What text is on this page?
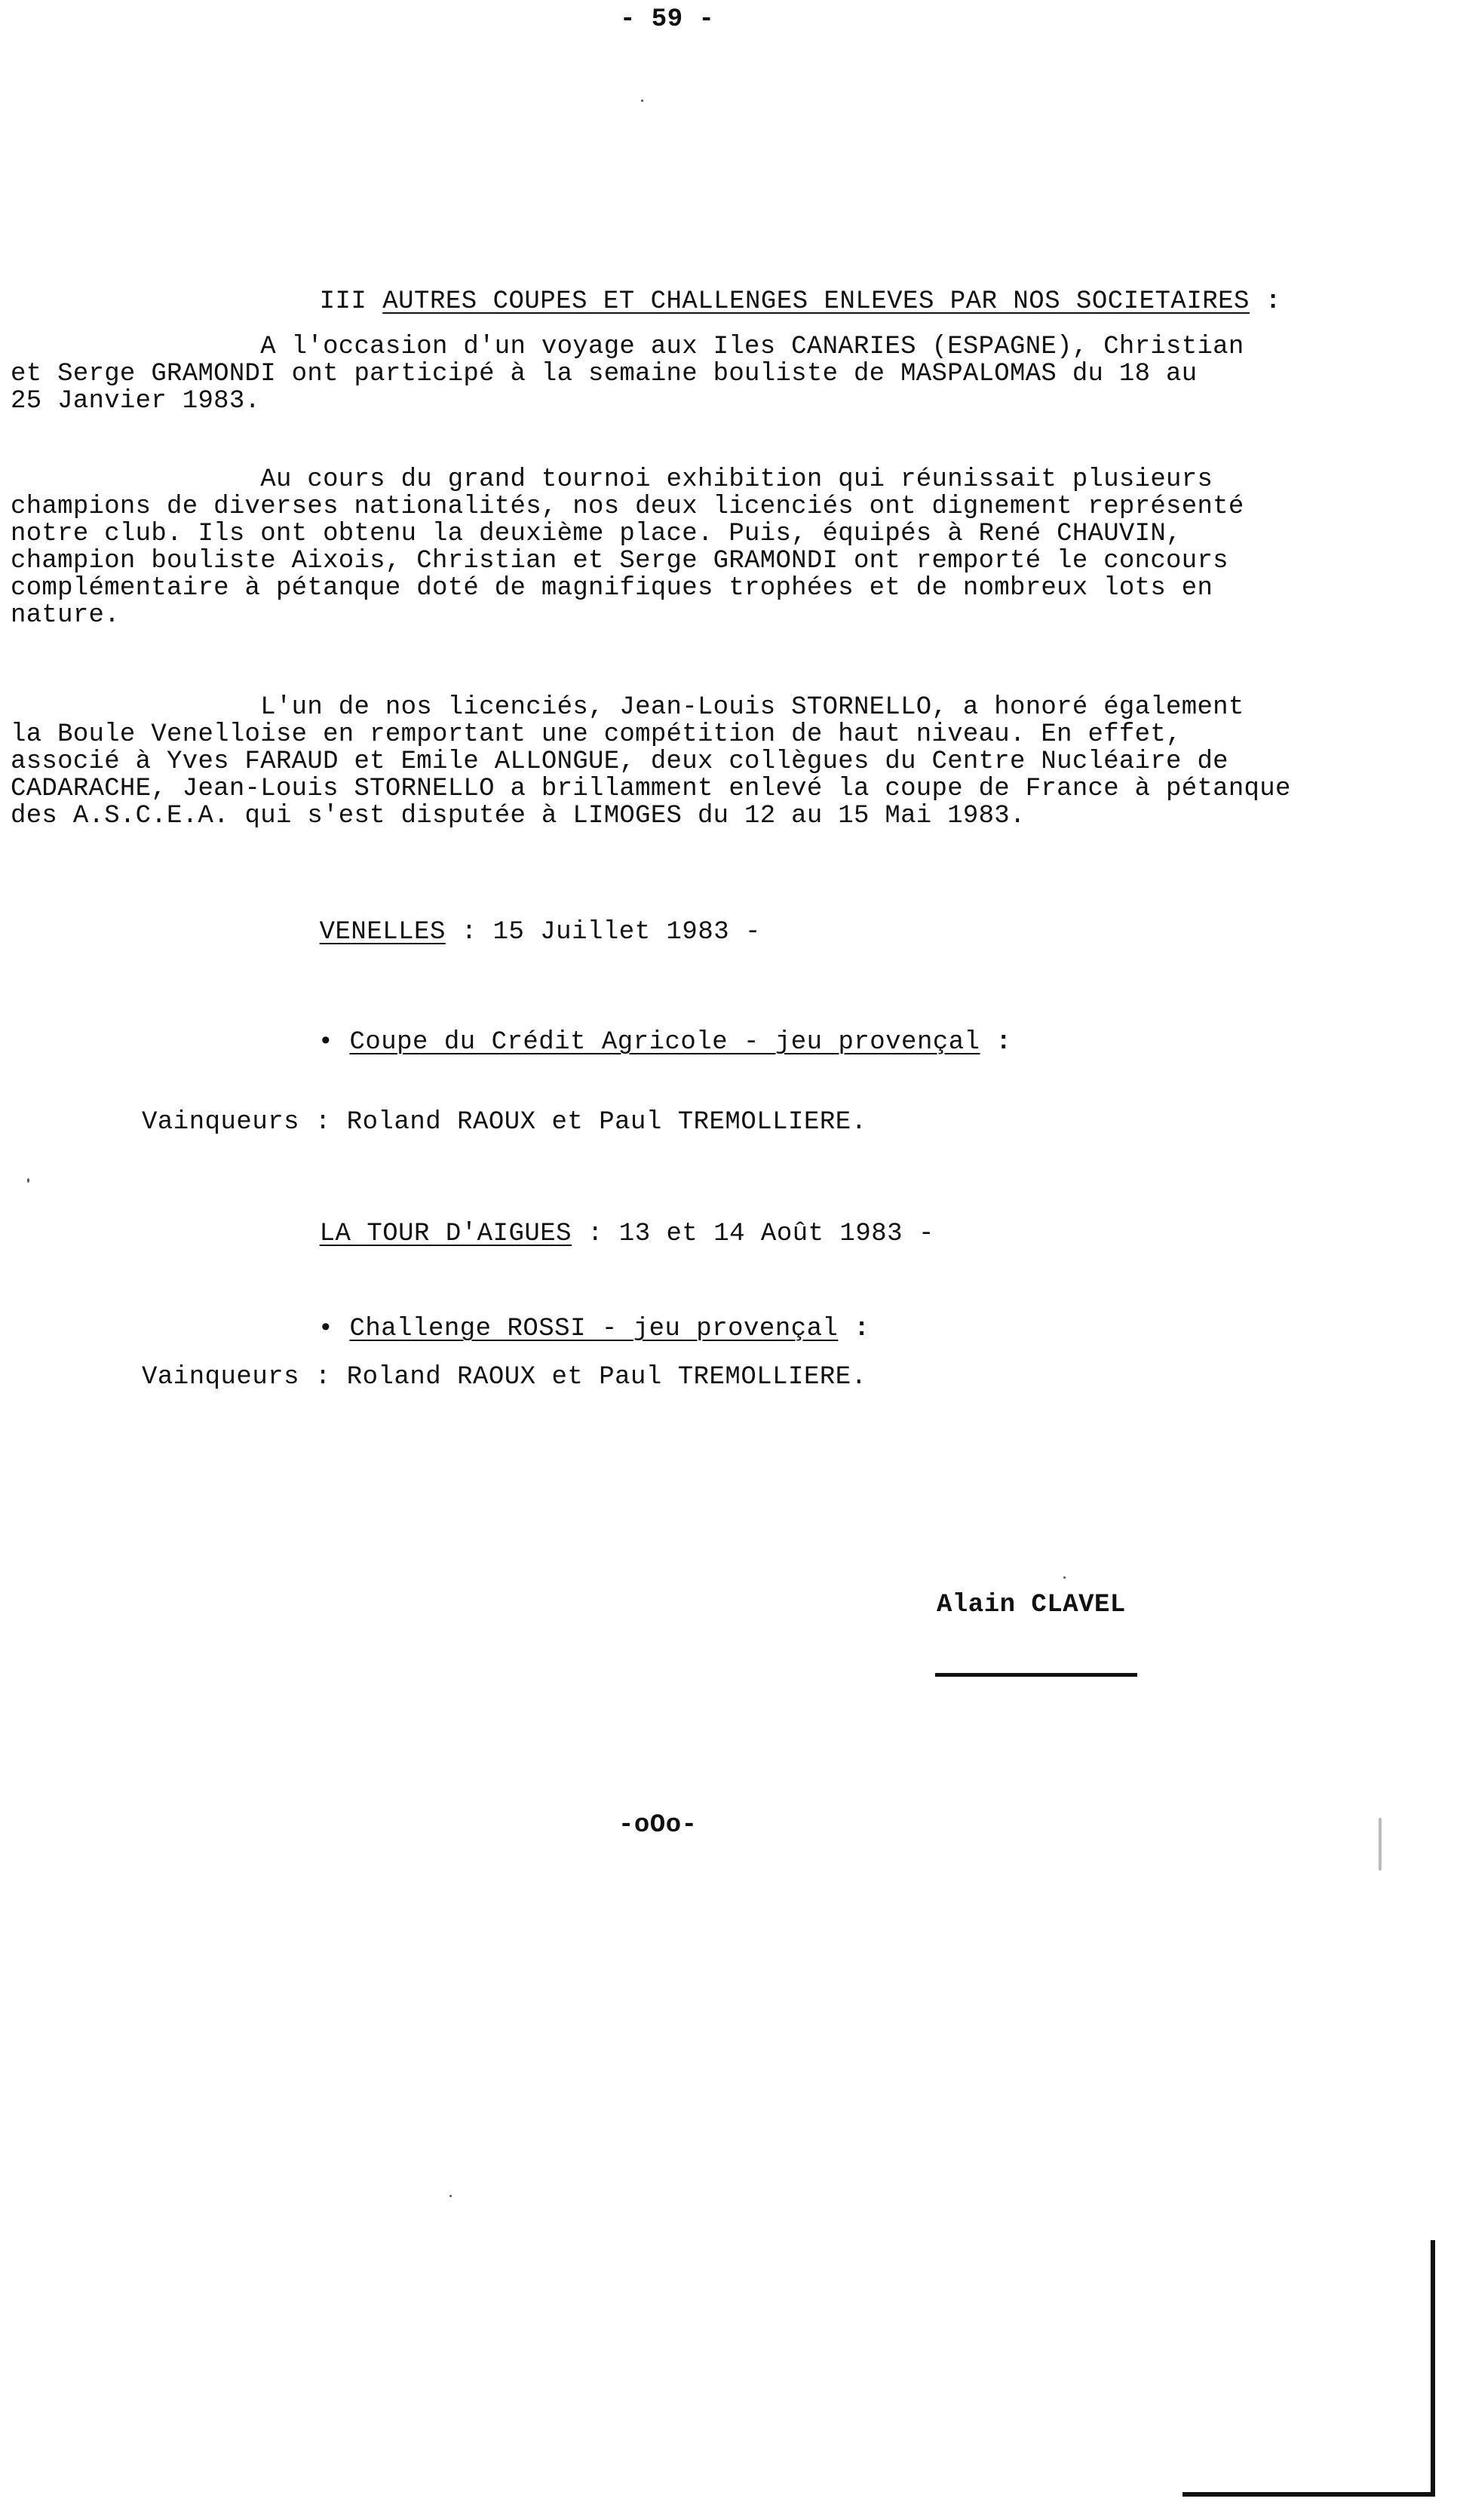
- 59 -

III AUTRES COUPES ET CHALLENGES ENLEVES PAR NOS SOCIETAIRES :

A l'occasion d'un voyage aux Iles CANARIES (ESPAGNE), Christian
et Serge GRAMONDI ont participé à la semaine bouliste de MASPALOMAS du 18 au
25 Janvier 1983.
Au cours du grand tournoi exhibition qui réunissait plusieurs
champions de diverses nationalités, nos deux licenciés ont dignement représenté
notre club. Ils ont obtenu la deuxième place. Puis, équipés à René CHAUVIN,
champion bouliste Aixois, Christian et Serge GRAMONDI ont remporté le concours
complémentaire à pétanque doté de magnifiques trophées et de nombreux lots en
nature.
L'un de nos licenciés, Jean-Louis STORNELLO, a honoré également
la Boule Venelloise en remportant une compétition de haut niveau. En effet,
associé à Yves FARAUD et Emile ALLONGUE, deux collègues du Centre Nucléaire de
CADARACHE, Jean-Louis STORNELLO a brillamment enlevé la coupe de France à pétanque
des A.S.C.E.A. qui s'est disputée à LIMOGES du 12 au 15 Mai 1983.

VENELLES : 15 Juillet 1983 -

• Coupe du Crédit Agricole - jeu provençal :

Vainqueurs : Roland RAOUX et Paul TREMOLLIERE.

LA TOUR D'AIGUES : 13 et 14 Août 1983 -

• Challenge ROSSI - jeu provençal :

Vainqueurs : Roland RAOUX et Paul TREMOLLIERE.
Alain CLAVEL
-oOo-
